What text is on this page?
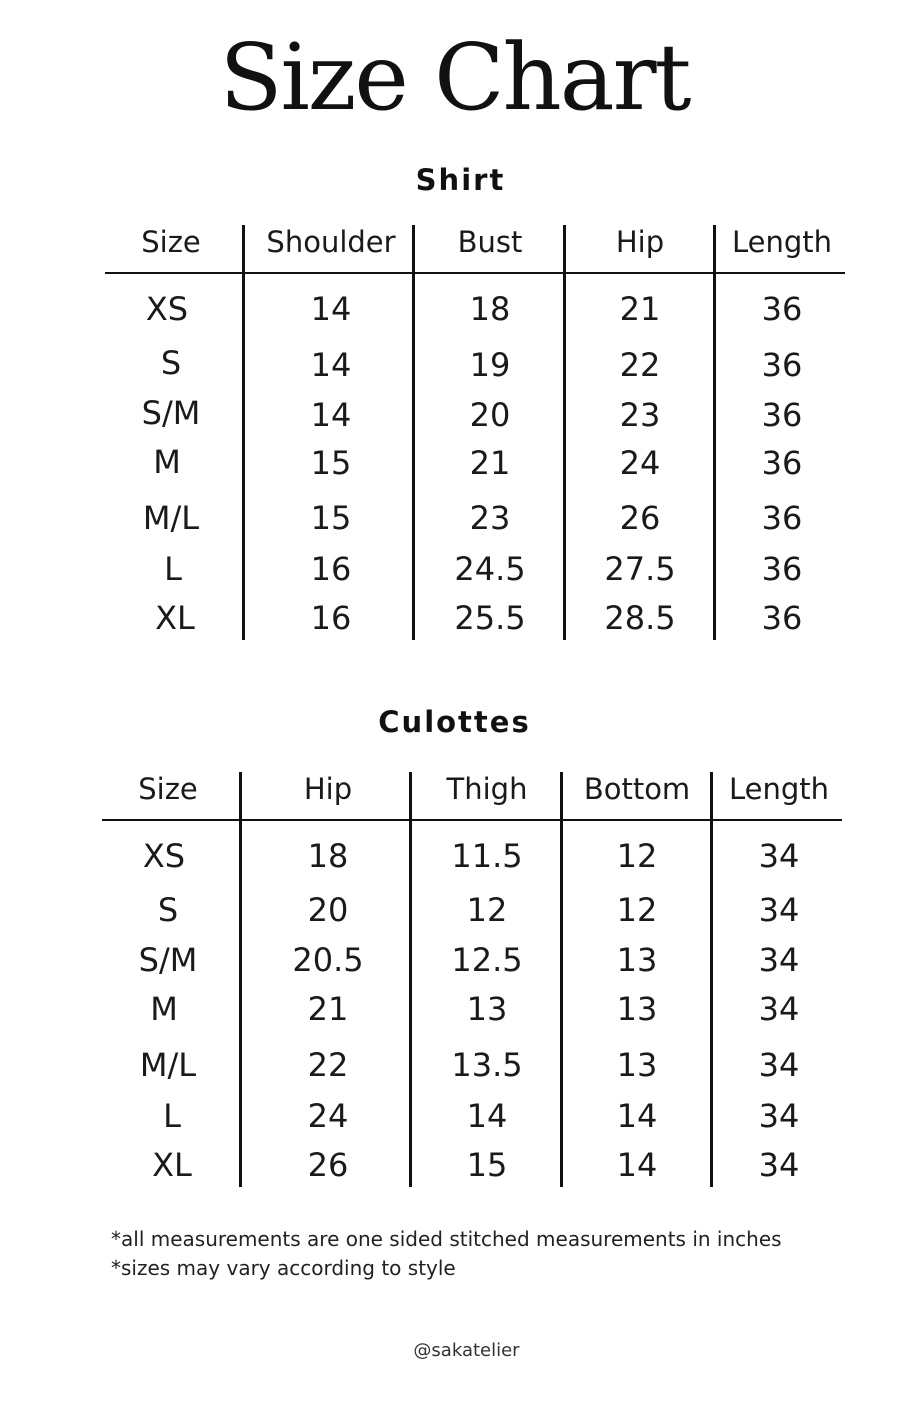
Size Chart
Shirt
Size	Shoulder	Bust	Hip	Length
XS	14	18	21	36
S	14	19	22	36
S/M	14	20	23	36
M	15	21	24	36
M/L	15	23	26	36
L	16	24.5	27.5	36
XL	16	25.5	28.5	36
Culottes
Size	Hip	Thigh	Bottom	Length
XS	18	11.5	12	34
S	20	12	12	34
S/M	20.5	12.5	13	34
M	21	13	13	34
M/L	22	13.5	13	34
L	24	14	14	34
XL	26	15	14	34
*all measurements are one sided stitched measurements in inches
*sizes may vary according to style
@sakatelier
